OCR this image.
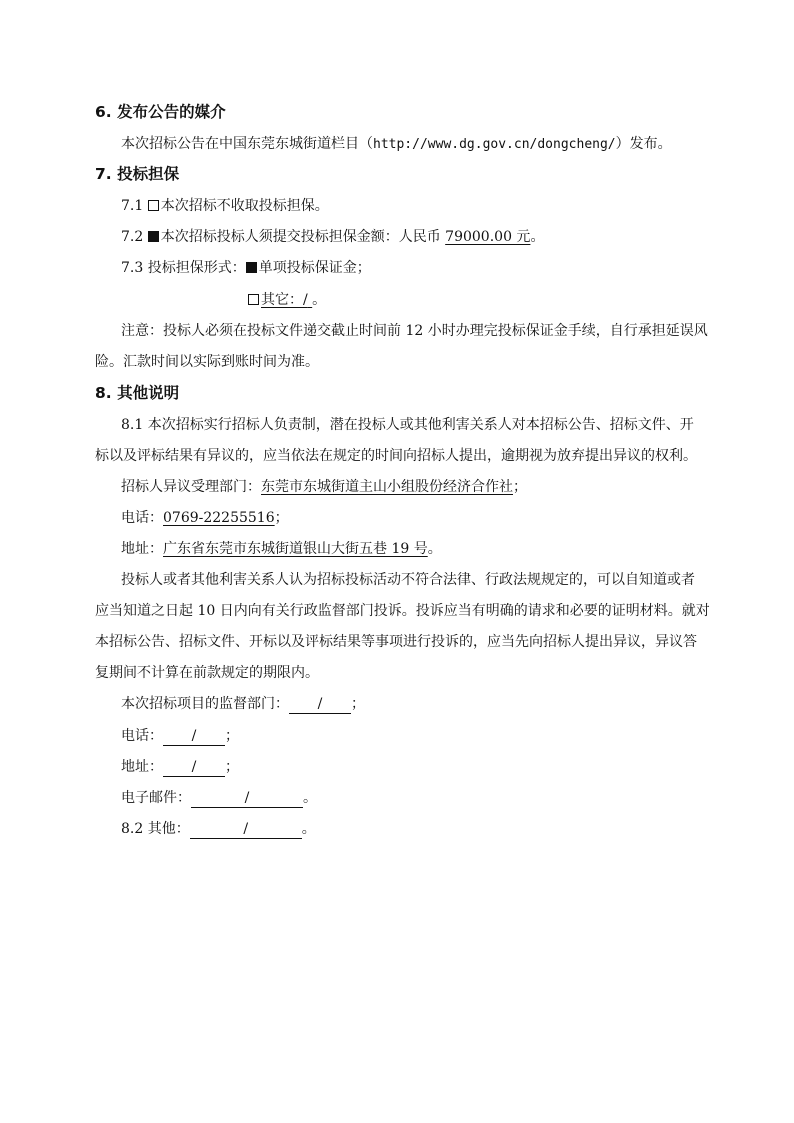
6. 发布公告的媒介
本次招标公告在中国东莞东城街道栏目（http://www.dg.gov.cn/dongcheng/）发布。
7. 投标担保
7.1 本次招标不收取投标担保。
7.2 本次招标投标人须提交投标担保金额：人民币 79000.00 元。
7.3 投标担保形式： 单项投标保证金；
其它：/ 。
注意：投标人必须在投标文件递交截止时间前 12 小时办理完投标保证金手续，自行承担延误风
险。汇款时间以实际到账时间为准。
8. 其他说明
8.1 本次招标实行招标人负责制，潜在投标人或其他利害关系人对本招标公告、招标文件、开
标以及评标结果有异议的，应当依法在规定的时间向招标人提出，逾期视为放弃提出异议的权利。
招标人异议受理部门：东莞市东城街道主山小组股份经济合作社；
电话：0769-22255516；
地址：广东省东莞市东城街道银山大街五巷 19 号。
投标人或者其他利害关系人认为招标投标活动不符合法律、行政法规规定的，可以自知道或者
应当知道之日起 10 日内向有关行政监督部门投诉。投诉应当有明确的请求和必要的证明材料。就对
本招标公告、招标文件、开标以及评标结果等事项进行投诉的，应当先向招标人提出异议，异议答
复期间不计算在前款规定的期限内。
本次招标项目的监督部门： / ；
电话： / ；
地址： / ；
电子邮件：	/	。
8.2 其他：	/	。
